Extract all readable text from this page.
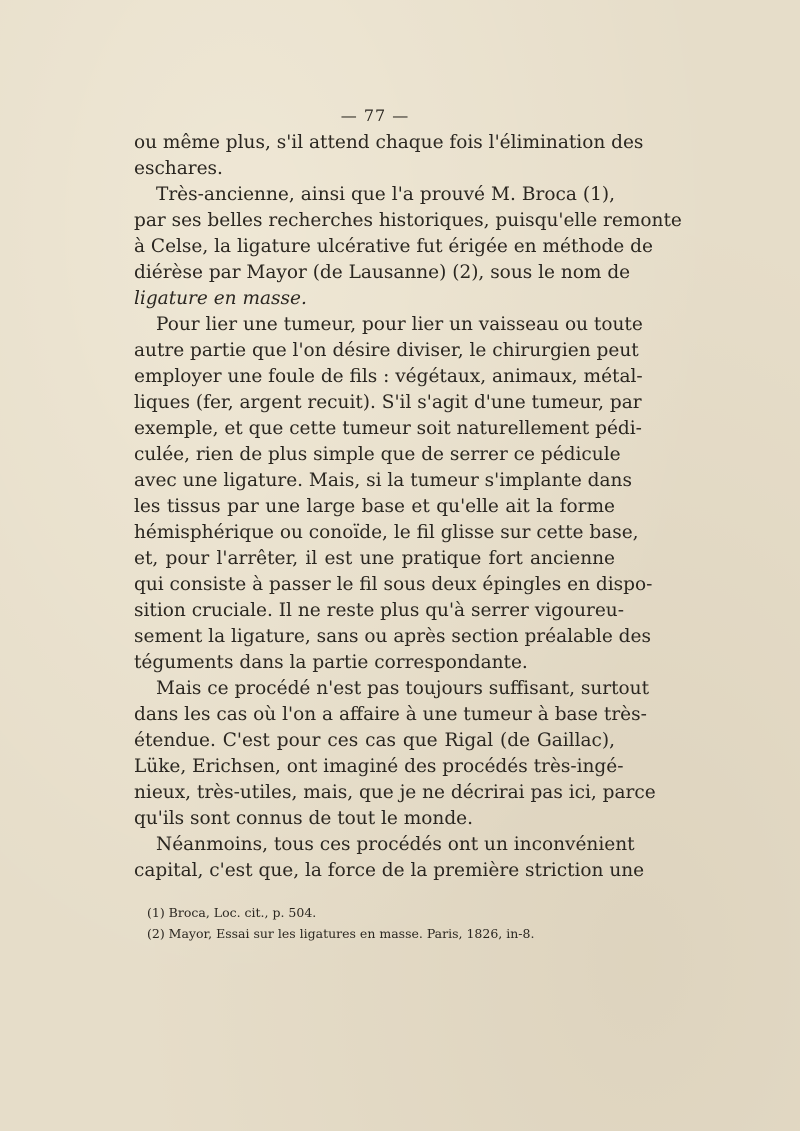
— 77 —
ou même plus, s'il attend chaque fois l'élimination des
eschares.
Très-ancienne, ainsi que l'a prouvé M. Broca (1),
par ses belles recherches historiques, puisqu'elle remonte
à Celse, la ligature ulcérative fut érigée en méthode de
diérèse par Mayor (de Lausanne) (2), sous le nom de
ligature en masse.
Pour lier une tumeur, pour lier un vaisseau ou toute
autre partie que l'on désire diviser, le chirurgien peut
employer une foule de fils : végétaux, animaux, métal-
liques (fer, argent recuit). S'il s'agit d'une tumeur, par
exemple, et que cette tumeur soit naturellement pédi-
culée, rien de plus simple que de serrer ce pédicule
avec une ligature. Mais, si la tumeur s'implante dans
les tissus par une large base et qu'elle ait la forme
hémisphérique ou conoïde, le fil glisse sur cette base,
et, pour l'arrêter, il est une pratique fort ancienne
qui consiste à passer le fil sous deux épingles en dispo-
sition cruciale. Il ne reste plus qu'à serrer vigoureu-
sement la ligature, sans ou après section préalable des
téguments dans la partie correspondante.
Mais ce procédé n'est pas toujours suffisant, surtout
dans les cas où l'on a affaire à une tumeur à base très-
étendue. C'est pour ces cas que Rigal (de Gaillac),
Lüke, Erichsen, ont imaginé des procédés très-ingé-
nieux, très-utiles, mais, que je ne décrirai pas ici, parce
qu'ils sont connus de tout le monde.
Néanmoins, tous ces procédés ont un inconvénient
capital, c'est que, la force de la première striction une
(1) Broca, Loc. cit., p. 504.
(2) Mayor, Essai sur les ligatures en masse. Paris, 1826, in-8.
